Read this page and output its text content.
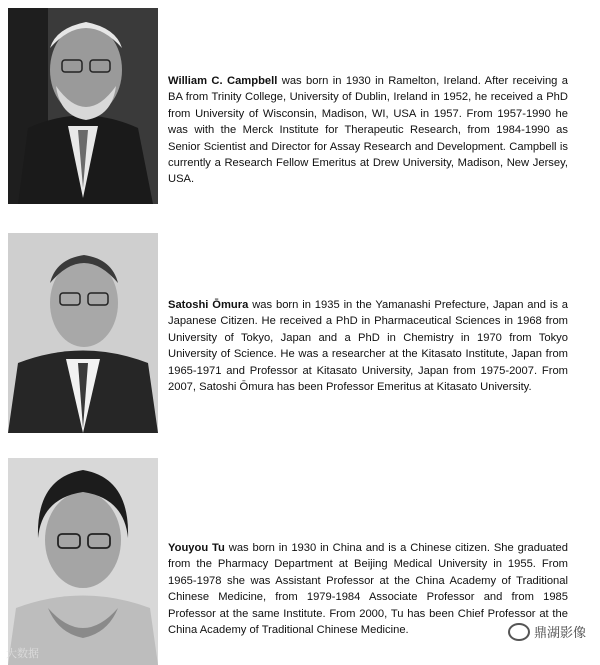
William C. Campbell was born in 1930 in Ramelton, Ireland. After receiving a BA from Trinity College, University of Dublin, Ireland in 1952, he received a PhD from University of Wisconsin, Madison, WI, USA in 1957. From 1957-1990 he was with the Merck Institute for Therapeutic Research, from 1984-1990 as Senior Scientist and Director for Assay Research and Development. Campbell is currently a Research Fellow Emeritus at Drew University, Madison, New Jersey, USA.
Satoshi Ōmura was born in 1935 in the Yamanashi Prefecture, Japan and is a Japanese Citizen. He received a PhD in Pharmaceutical Sciences in 1968 from University of Tokyo, Japan and a PhD in Chemistry in 1970 from Tokyo University of Science. He was a researcher at the Kitasato Institute, Japan from 1965-1971 and Professor at Kitasato University, Japan from 1975-2007. From 2007, Satoshi Ōmura has been Professor Emeritus at Kitasato University.
Youyou Tu was born in 1930 in China and is a Chinese citizen. She graduated from the Pharmacy Department at Beijing Medical University in 1955. From 1965-1978 she was Assistant Professor at the China Academy of Traditional Chinese Medicine, from 1979-1984 Associate Professor and from 1985 Professor at the same Institute. From 2000, Tu has been Chief Professor at the China Academy of Traditional Chinese Medicine.	鼎湖影像
大数据
